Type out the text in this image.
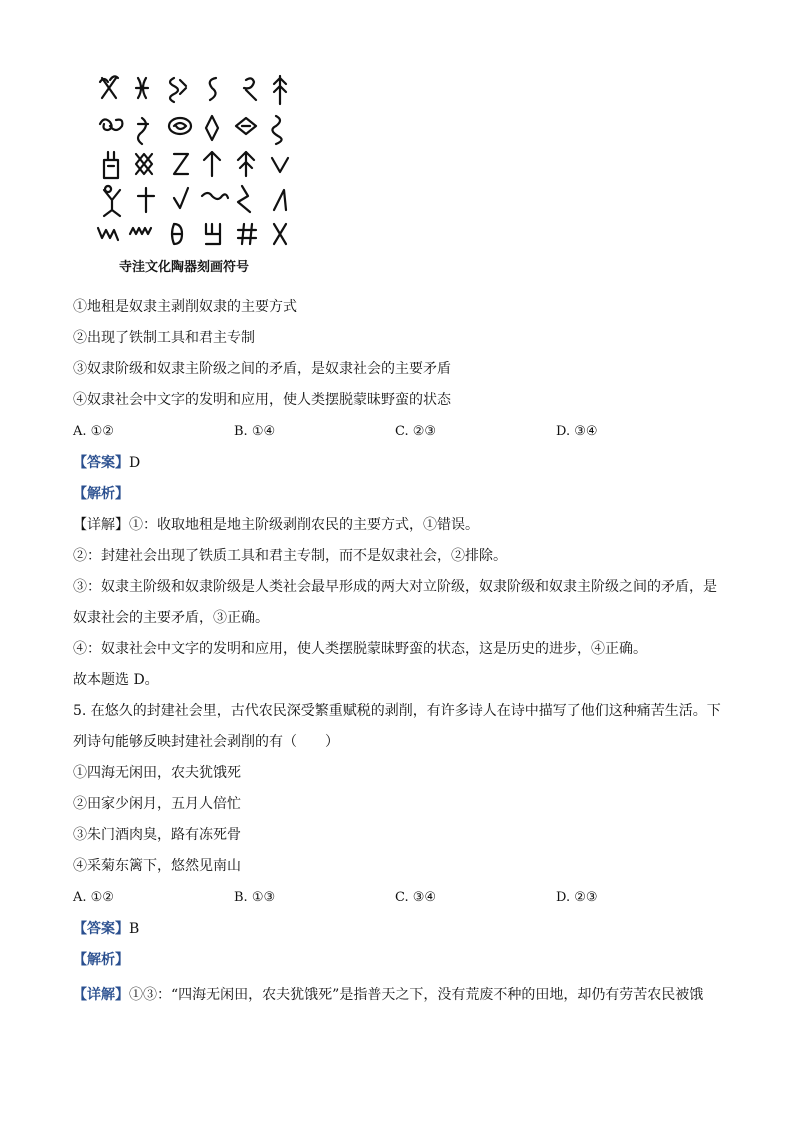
寺洼文化陶器刻画符号
①地租是奴隶主剥削奴隶的主要方式
②出现了铁制工具和君主专制
③奴隶阶级和奴隶主阶级之间的矛盾，是奴隶社会的主要矛盾
④奴隶社会中文字的发明和应用，使人类摆脱蒙昧野蛮的状态
A. ①②	B. ①④	C. ②③	D. ③④
【答案】D
【解析】
【详解】①：收取地租是地主阶级剥削农民的主要方式，①错误。
②：封建社会出现了铁质工具和君主专制，而不是奴隶社会，②排除。
③：奴隶主阶级和奴隶阶级是人类社会最早形成的两大对立阶级，奴隶阶级和奴隶主阶级之间的矛盾，是
奴隶社会的主要矛盾，③正确。
④：奴隶社会中文字的发明和应用，使人类摆脱蒙昧野蛮的状态，这是历史的进步，④正确。
故本题选 D。
5. 在悠久的封建社会里，古代农民深受繁重赋税的剥削，有许多诗人在诗中描写了他们这种痛苦生活。下
列诗句能够反映封建社会剥削的有（　　）
①四海无闲田，农夫犹饿死
②田家少闲月，五月人倍忙
③朱门酒肉臭，路有冻死骨
④采菊东篱下，悠然见南山
A. ①②	B. ①③	C. ③④	D. ②③
【答案】B
【解析】
【详解】①③：“四海无闲田，农夫犹饿死”是指普天之下，没有荒废不种的田地，却仍有劳苦农民被饿
